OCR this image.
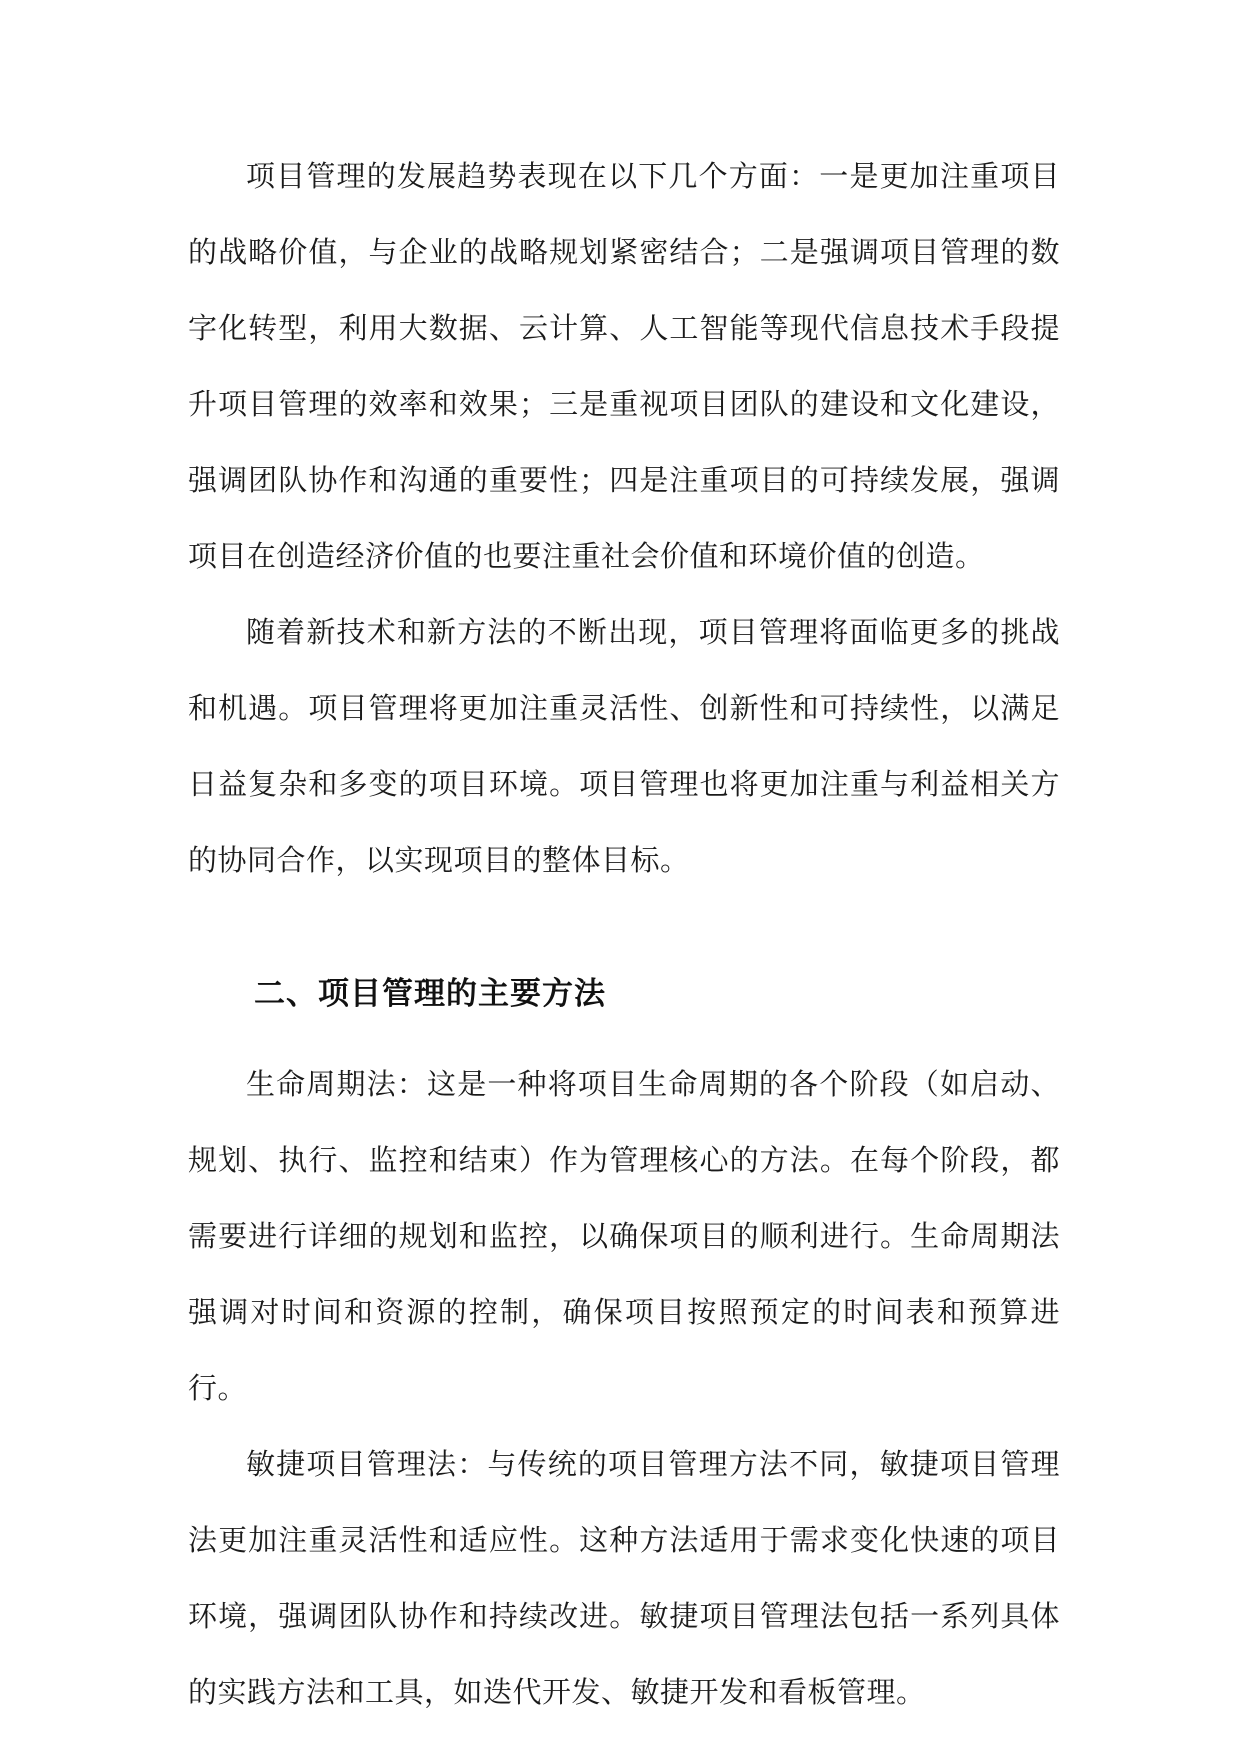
项目管理的发展趋势表现在以下几个方面：一是更加注重项目的战略价值，与企业的战略规划紧密结合；二是强调项目管理的数字化转型，利用大数据、云计算、人工智能等现代信息技术手段提升项目管理的效率和效果；三是重视项目团队的建设和文化建设，强调团队协作和沟通的重要性；四是注重项目的可持续发展，强调项目在创造经济价值的也要注重社会价值和环境价值的创造。

随着新技术和新方法的不断出现，项目管理将面临更多的挑战和机遇。项目管理将更加注重灵活性、创新性和可持续性，以满足日益复杂和多变的项目环境。项目管理也将更加注重与利益相关方的协同合作，以实现项目的整体目标。

二、项目管理的主要方法

生命周期法：这是一种将项目生命周期的各个阶段（如启动、规划、执行、监控和结束）作为管理核心的方法。在每个阶段，都需要进行详细的规划和监控，以确保项目的顺利进行。生命周期法强调对时间和资源的控制，确保项目按照预定的时间表和预算进行。

敏捷项目管理法：与传统的项目管理方法不同，敏捷项目管理法更加注重灵活性和适应性。这种方法适用于需求变化快速的项目环境，强调团队协作和持续改进。敏捷项目管理法包括一系列具体的实践方法和工具，如迭代开发、敏捷开发和看板管理。
